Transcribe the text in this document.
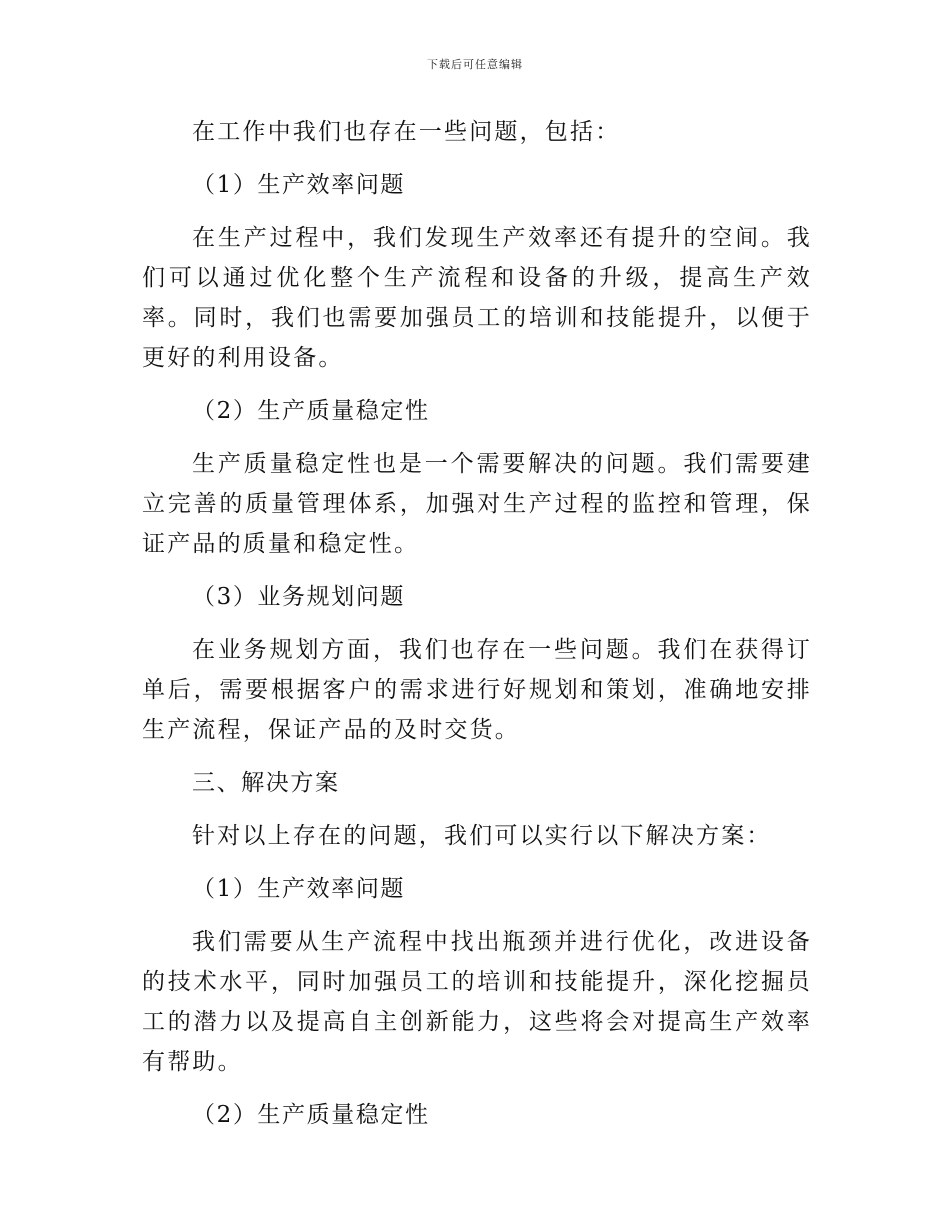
下载后可任意编辑

在工作中我们也存在一些问题，包括：

（1）生产效率问题

在生产过程中，我们发现生产效率还有提升的空间。我们可以通过优化整个生产流程和设备的升级，提高生产效率。同时，我们也需要加强员工的培训和技能提升，以便于更好的利用设备。

（2）生产质量稳定性

生产质量稳定性也是一个需要解决的问题。我们需要建立完善的质量管理体系，加强对生产过程的监控和管理，保证产品的质量和稳定性。

（3）业务规划问题

在业务规划方面，我们也存在一些问题。我们在获得订单后，需要根据客户的需求进行好规划和策划，准确地安排生产流程，保证产品的及时交货。

三、解决方案

针对以上存在的问题，我们可以实行以下解决方案：

（1）生产效率问题

我们需要从生产流程中找出瓶颈并进行优化，改进设备的技术水平，同时加强员工的培训和技能提升，深化挖掘员工的潜力以及提高自主创新能力，这些将会对提高生产效率有帮助。

（2）生产质量稳定性
